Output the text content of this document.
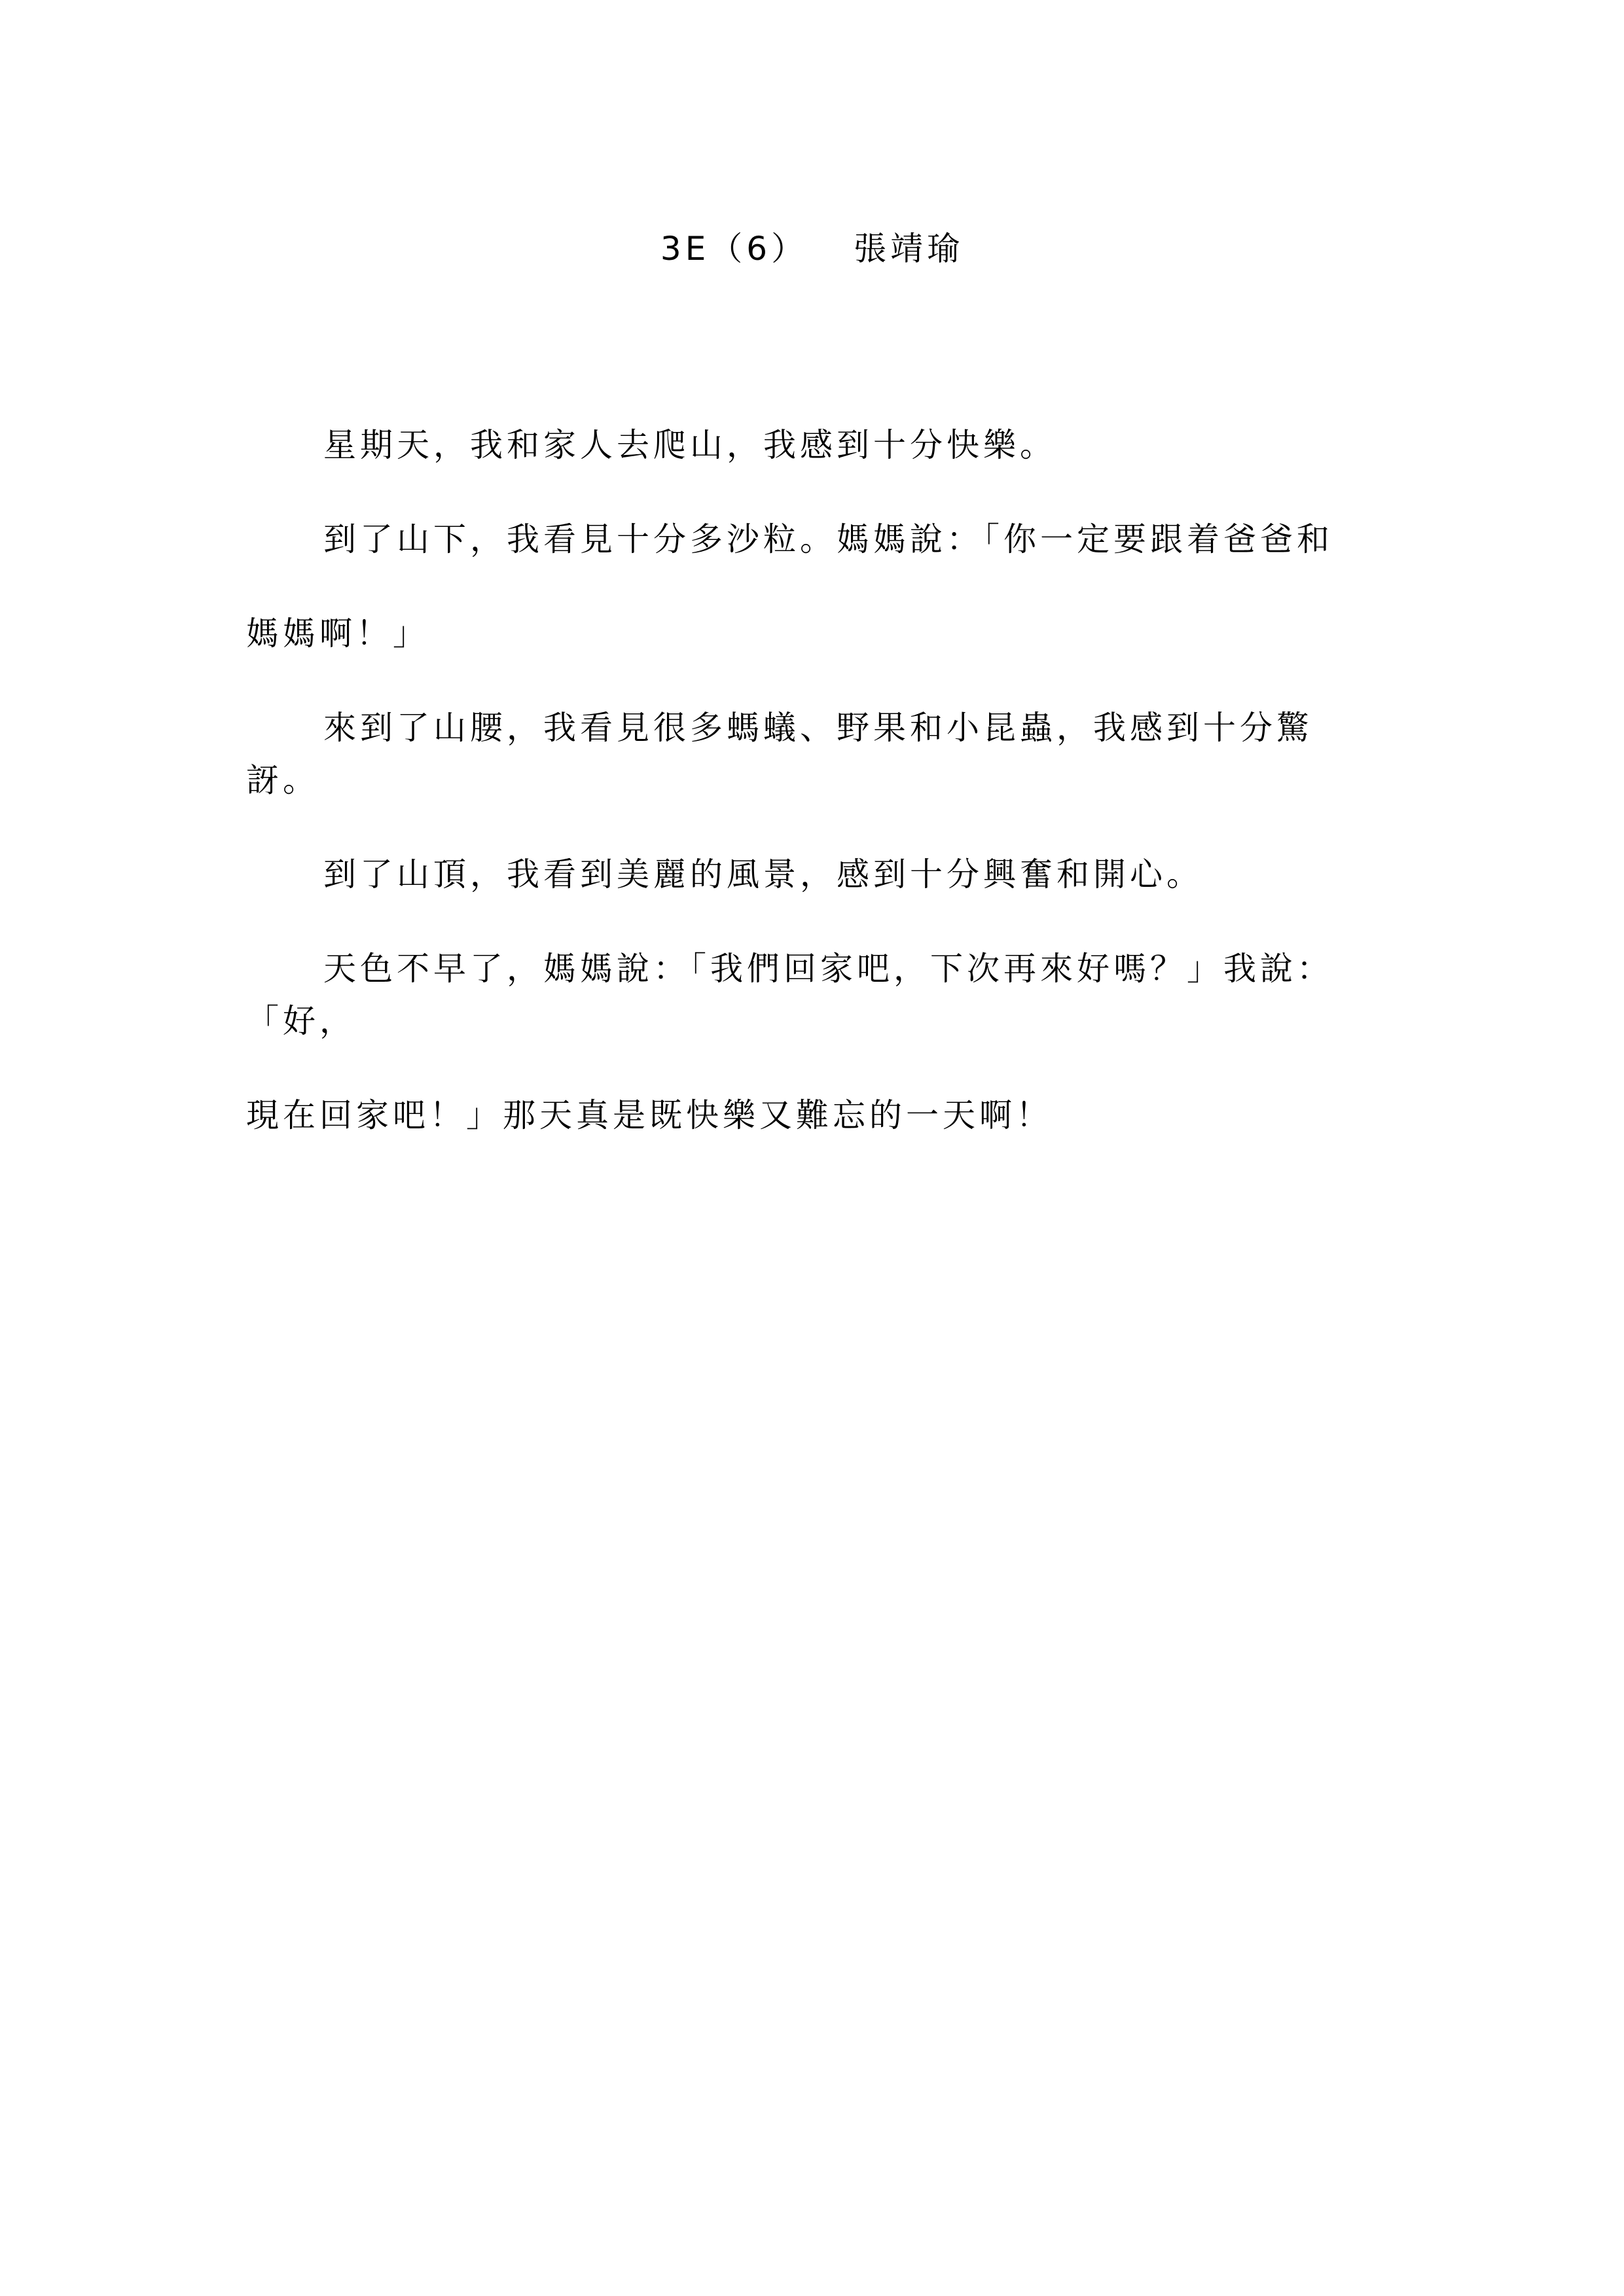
3E（6） 張靖瑜

星期天，我和家人去爬山，我感到十分快樂。

到了山下，我看見十分多沙粒。媽媽說：「你一定要跟着爸爸和
媽媽啊！」

來到了山腰，我看見很多螞蟻、野果和小昆蟲，我感到十分驚訝。

到了山頂，我看到美麗的風景，感到十分興奮和開心。

天色不早了，媽媽說：「我們回家吧，下次再來好嗎？」我說：「好，
現在回家吧！」那天真是既快樂又難忘的一天啊！
